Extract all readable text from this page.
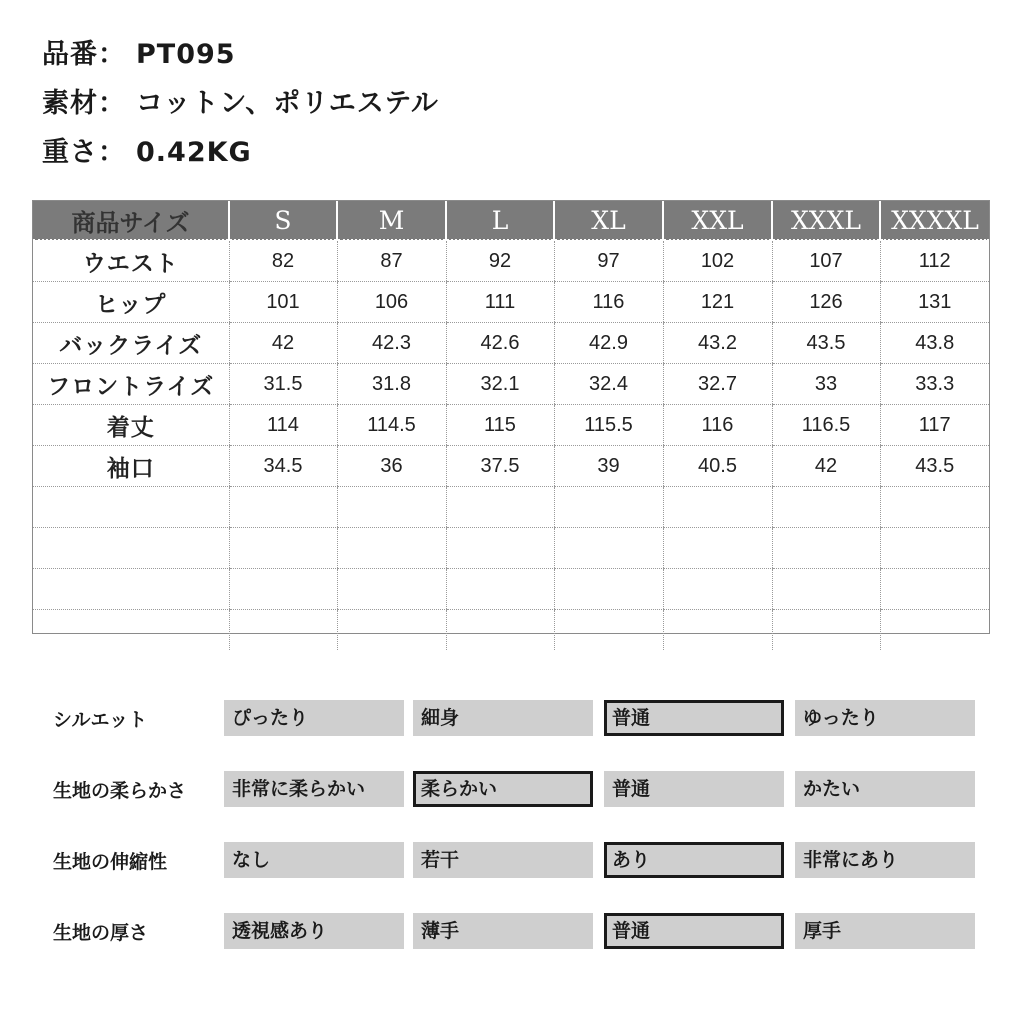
品番： PT095
素材： コットン、ポリエステル
重さ： 0.42KG
商品サイズ	S	M	L	XL	XXL	XXXL	XXXXL
ウエスト	82	87	92	97	102	107	112
ヒップ	101	106	111	116	121	126	131
バックライズ	42	42.3	42.6	42.9	43.2	43.5	43.8
フロントライズ	31.5	31.8	32.1	32.4	32.7	33	33.3
着丈	114	114.5	115	115.5	116	116.5	117
袖口	34.5	36	37.5	39	40.5	42	43.5

シルエット	ぴったり	細身	普通	ゆったり
生地の柔らかさ	非常に柔らかい	柔らかい	普通	かたい
生地の伸縮性	なし	若干	あり	非常にあり
生地の厚さ	透視感あり	薄手	普通	厚手
